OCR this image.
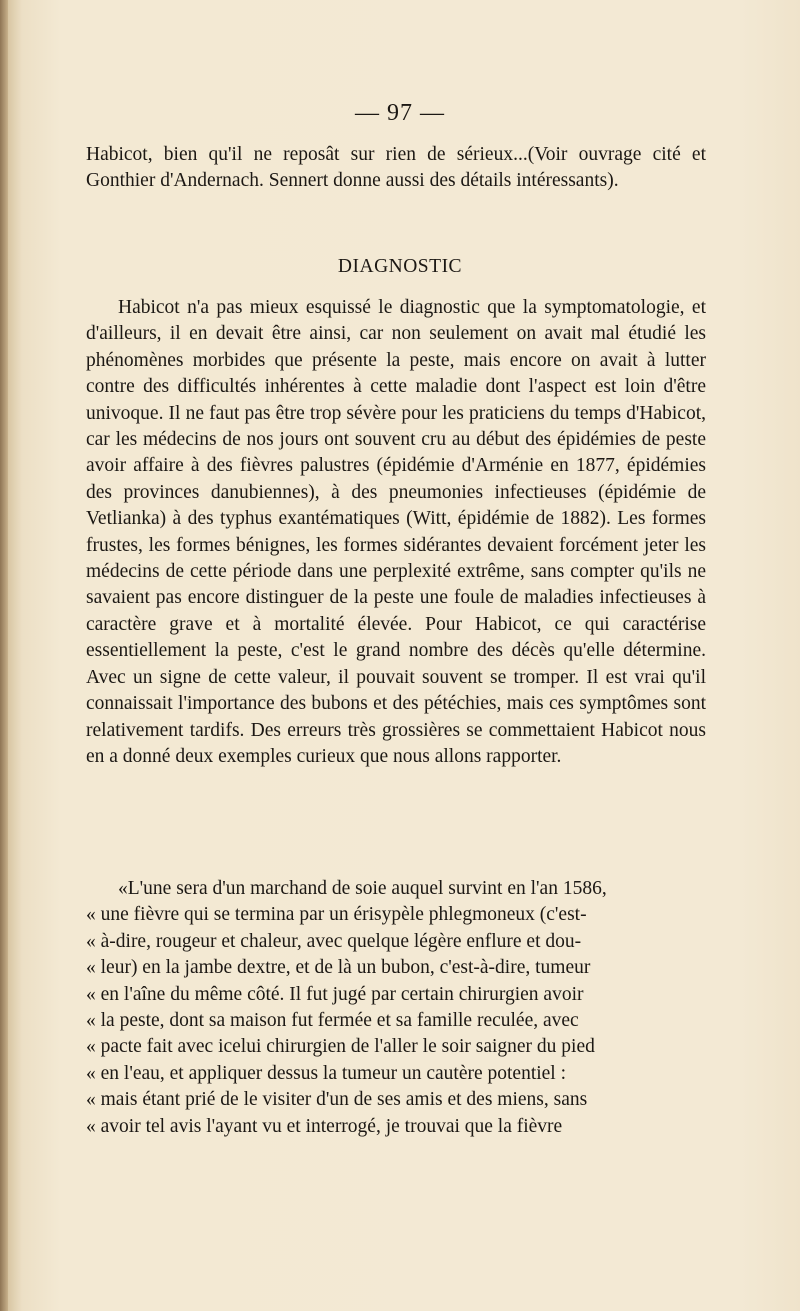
— 97 —
Habicot, bien qu'il ne reposât sur rien de sérieux...(Voir ouvrage cité et Gonthier d'Andernach. Sennert donne aussi des détails intéressants).
DIAGNOSTIC
Habicot n'a pas mieux esquissé le diagnostic que la symptomatologie, et d'ailleurs, il en devait être ainsi, car non seulement on avait mal étudié les phénomènes morbides que présente la peste, mais encore on avait à lutter contre des difficultés inhérentes à cette maladie dont l'aspect est loin d'être univoque. Il ne faut pas être trop sévère pour les praticiens du temps d'Habicot, car les médecins de nos jours ont souvent cru au début des épidémies de peste avoir affaire à des fièvres palustres (épidémie d'Arménie en 1877, épidémies des provinces danubiennes), à des pneumonies infectieuses (épidémie de Vetlianka) à des typhus exantématiques (Witt, épidémie de 1882). Les formes frustes, les formes bénignes, les formes sidérantes devaient forcément jeter les médecins de cette période dans une perplexité extrême, sans compter qu'ils ne savaient pas encore distinguer de la peste une foule de maladies infectieuses à caractère grave et à mortalité élevée. Pour Habicot, ce qui caractérise essentiellement la peste, c'est le grand nombre des décès qu'elle détermine. Avec un signe de cette valeur, il pouvait souvent se tromper. Il est vrai qu'il connaissait l'importance des bubons et des pétéchies, mais ces symptômes sont relativement tardifs. Des erreurs très grossières se commettaient Habicot nous en a donné deux exemples curieux que nous allons rapporter.
«L'une sera d'un marchand de soie auquel survint en l'an 1586,
« une fièvre qui se termina par un érisypèle phlegmoneux (c'est-
« à-dire, rougeur et chaleur, avec quelque légère enflure et dou-
« leur) en la jambe dextre, et de là un bubon, c'est-à-dire, tumeur
« en l'aîne du même côté. Il fut jugé par certain chirurgien avoir
« la peste, dont sa maison fut fermée et sa famille reculée, avec
« pacte fait avec icelui chirurgien de l'aller le soir saigner du pied
« en l'eau, et appliquer dessus la tumeur un cautère potentiel :
« mais étant prié de le visiter d'un de ses amis et des miens, sans
« avoir tel avis l'ayant vu et interrogé, je trouvai que la fièvre
